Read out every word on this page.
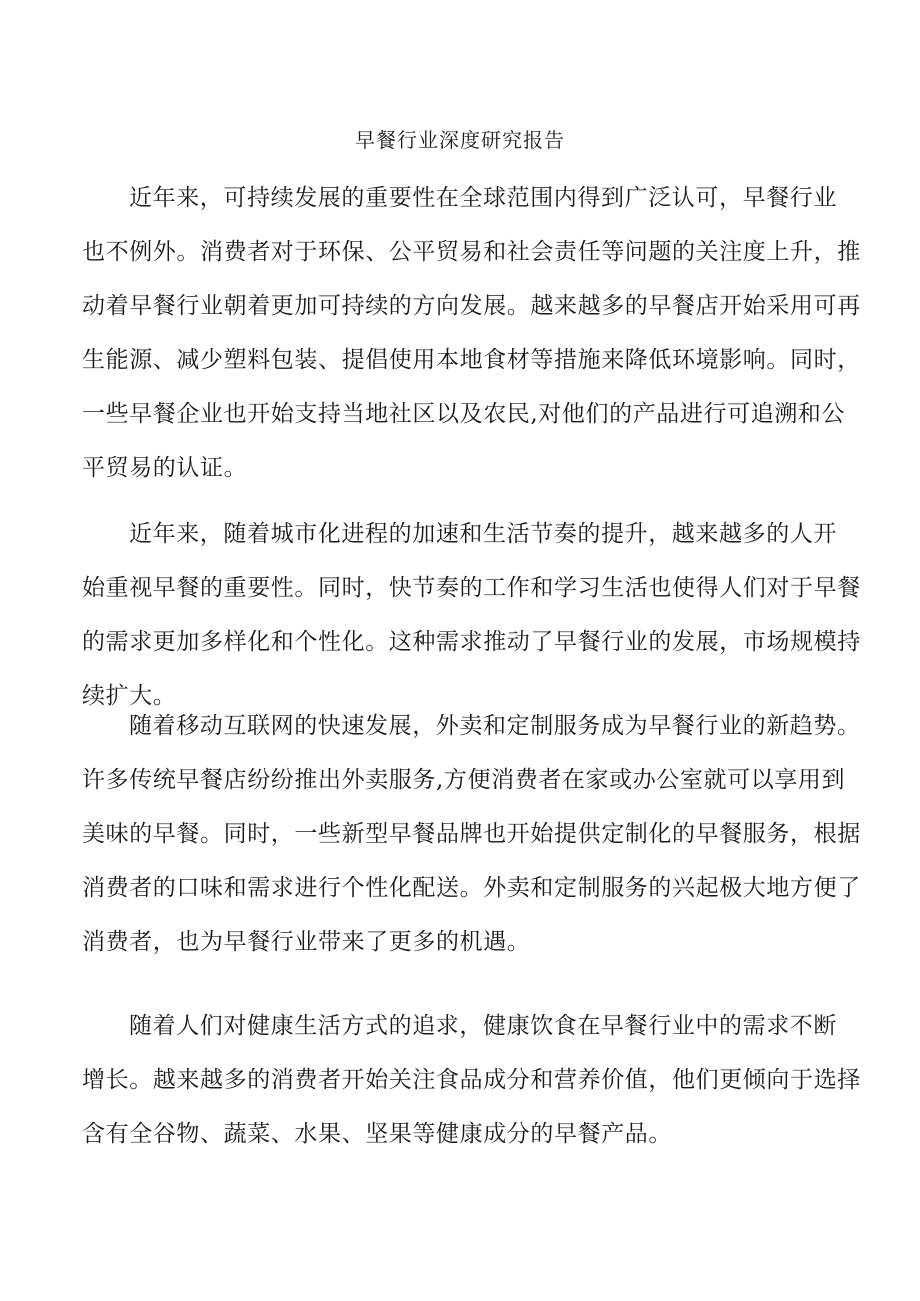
早餐行业深度研究报告
近年来，可持续发展的重要性在全球范围内得到广泛认可，早餐行业
也不例外。消费者对于环保、公平贸易和社会责任等问题的关注度上升，推
动着早餐行业朝着更加可持续的方向发展。越来越多的早餐店开始采用可再
生能源、减少塑料包装、提倡使用本地食材等措施来降低环境影响。同时，
一些早餐企业也开始支持当地社区以及农民,对他们的产品进行可追溯和公
平贸易的认证。
近年来，随着城市化进程的加速和生活节奏的提升，越来越多的人开
始重视早餐的重要性。同时，快节奏的工作和学习生活也使得人们对于早餐
的需求更加多样化和个性化。这种需求推动了早餐行业的发展，市场规模持
续扩大。
随着移动互联网的快速发展，外卖和定制服务成为早餐行业的新趋势。
许多传统早餐店纷纷推出外卖服务,方便消费者在家或办公室就可以享用到
美味的早餐。同时，一些新型早餐品牌也开始提供定制化的早餐服务，根据
消费者的口味和需求进行个性化配送。外卖和定制服务的兴起极大地方便了
消费者，也为早餐行业带来了更多的机遇。
随着人们对健康生活方式的追求，健康饮食在早餐行业中的需求不断
增长。越来越多的消费者开始关注食品成分和营养价值，他们更倾向于选择
含有全谷物、蔬菜、水果、坚果等健康成分的早餐产品。
